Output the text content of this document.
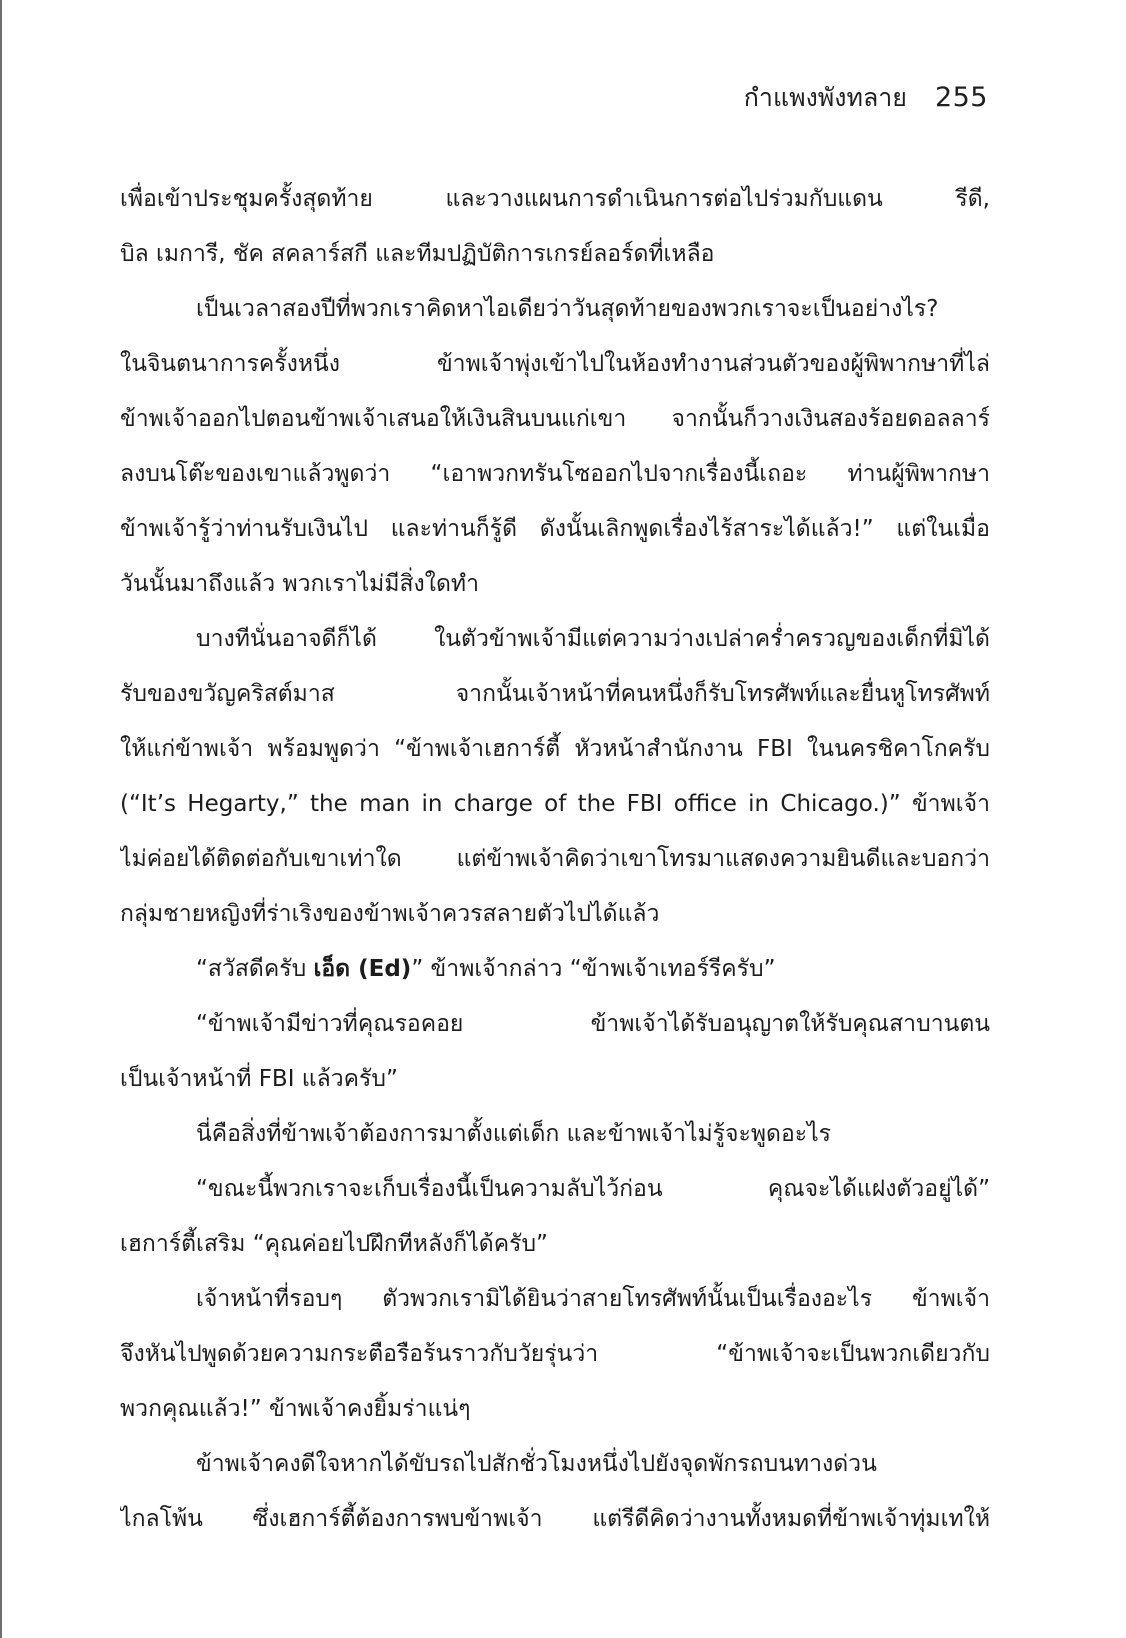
กำแพงพังทลาย 255
เพื่อเข้าประชุมครั้งสุดท้าย และวางแผนการดำเนินการต่อไปร่วมกับแดน รีดี,
บิล เมการี, ชัค สคลาร์สกี และทีมปฏิบัติการเกรย์ลอร์ดที่เหลือ
เป็นเวลาสองปีที่พวกเราคิดหาไอเดียว่าวันสุดท้ายของพวกเราจะเป็นอย่างไร?
ในจินตนาการครั้งหนึ่ง ข้าพเจ้าพุ่งเข้าไปในห้องทำงานส่วนตัวของผู้พิพากษาที่ไล่
ข้าพเจ้าออกไปตอนข้าพเจ้าเสนอให้เงินสินบนแก่เขา จากนั้นก็วางเงินสองร้อยดอลลาร์
ลงบนโต๊ะของเขาแล้วพูดว่า “เอาพวกทรันโซออกไปจากเรื่องนี้เถอะ ท่านผู้พิพากษา
ข้าพเจ้ารู้ว่าท่านรับเงินไป และท่านก็รู้ดี ดังนั้นเลิกพูดเรื่องไร้สาระได้แล้ว!” แต่ในเมื่อ
วันนั้นมาถึงแล้ว พวกเราไม่มีสิ่งใดทำ
บางทีนั่นอาจดีก็ได้ ในตัวข้าพเจ้ามีแต่ความว่างเปล่าคร่ำครวญของเด็กที่มิได้
รับของขวัญคริสต์มาส จากนั้นเจ้าหน้าที่คนหนึ่งก็รับโทรศัพท์และยื่นหูโทรศัพท์
ให้แก่ข้าพเจ้า พร้อมพูดว่า “ข้าพเจ้าเฮการ์ตี้ หัวหน้าสำนักงาน FBI ในนครชิคาโกครับ
(“It’s Hegarty,” the man in charge of the FBI office in Chicago.)” ข้าพเจ้า
ไม่ค่อยได้ติดต่อกับเขาเท่าใด แต่ข้าพเจ้าคิดว่าเขาโทรมาแสดงความยินดีและบอกว่า
กลุ่มชายหญิงที่ร่าเริงของข้าพเจ้าควรสลายตัวไปได้แล้ว
“สวัสดีครับ เอ็ด (Ed)” ข้าพเจ้ากล่าว “ข้าพเจ้าเทอร์รีครับ”
“ข้าพเจ้ามีข่าวที่คุณรอคอย ข้าพเจ้าได้รับอนุญาตให้รับคุณสาบานตน
เป็นเจ้าหน้าที่ FBI แล้วครับ”
นี่คือสิ่งที่ข้าพเจ้าต้องการมาตั้งแต่เด็ก และข้าพเจ้าไม่รู้จะพูดอะไร
“ขณะนี้พวกเราจะเก็บเรื่องนี้เป็นความลับไว้ก่อน คุณจะได้แฝงตัวอยู่ได้”
เฮการ์ตี้เสริม “คุณค่อยไปฝึกทีหลังก็ได้ครับ”
เจ้าหน้าที่รอบๆ ตัวพวกเรามิได้ยินว่าสายโทรศัพท์นั้นเป็นเรื่องอะไร ข้าพเจ้า
จึงหันไปพูดด้วยความกระตือรือร้นราวกับวัยรุ่นว่า “ข้าพเจ้าจะเป็นพวกเดียวกับ
พวกคุณแล้ว!” ข้าพเจ้าคงยิ้มร่าแน่ๆ
ข้าพเจ้าคงดีใจหากได้ขับรถไปสักชั่วโมงหนึ่งไปยังจุดพักรถบนทางด่วน
ไกลโพ้น ซึ่งเฮการ์ตี้ต้องการพบข้าพเจ้า แต่รีดีคิดว่างานทั้งหมดที่ข้าพเจ้าทุ่มเทให้
